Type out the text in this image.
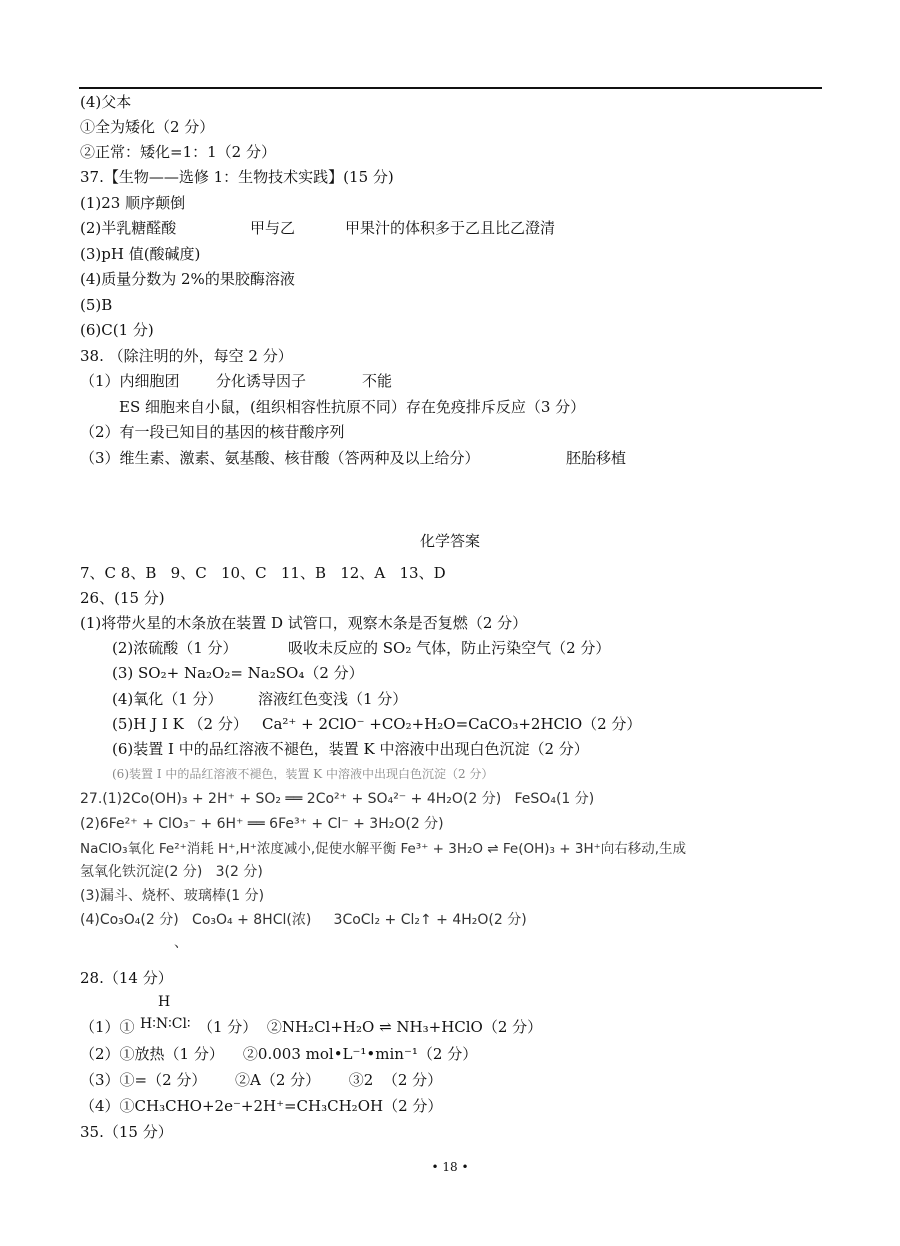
(4)父本
①全为矮化（2 分）
②正常：矮化=1：1（2 分）
37.【生物——选修 1：生物技术实践】(15 分)
(1)23 顺序颠倒
(2)半乳糖醛酸	甲与乙	甲果汁的体积多于乙且比乙澄清
(3)pH 值(酸碱度)
(4)质量分数为 2%的果胶酶溶液
(5)B
(6)C(1 分)
38. （除注明的外，每空 2 分）
（1）内细胞团 分化诱导因子	不能
ES 细胞来自小鼠，(组织相容性抗原不同）存在免疫排斥反应（3 分）
（2）有一段已知目的基因的核苷酸序列
（3）维生素、激素、氨基酸、核苷酸（答两种及以上给分）	胚胎移植
化学答案
7、C 8、B   9、C   10、C   11、B   12、A   13、D
26、(15 分)
(1)将带火星的木条放在装置 D 试管口，观察木条是否复燃（2 分）
(2)浓硫酸（1 分）	吸收未反应的 SO₂ 气体，防止污染空气（2 分）
(3) SO₂+ Na₂O₂= Na₂SO₄（2 分）
(4)氧化（1 分） 溶液红色变浅（1 分）
(5)H J I K （2 分） Ca²⁺ + 2ClO⁻ +CO₂+H₂O=CaCO₃+2HClO（2 分）
(6)装置 I 中的品红溶液不褪色，装置 K 中溶液中出现白色沉淀（2 分）
(6)装置 I 中的品红溶液不褪色，装置 K 中溶液中出现白色沉淀（2 分）
27.(1)2Co(OH)₃ + 2H⁺ + SO₂ ══ 2Co²⁺ + SO₄²⁻ + 4H₂O(2 分)   FeSO₄(1 分)
(2)6Fe²⁺ + ClO₃⁻ + 6H⁺ ══ 6Fe³⁺ + Cl⁻ + 3H₂O(2 分)
NaClO₃氧化 Fe²⁺消耗 H⁺,H⁺浓度减小,促使水解平衡 Fe³⁺ + 3H₂O ⇌ Fe(OH)₃ + 3H⁺向右移动,生成
氢氧化铁沉淀(2 分)   3(2 分)
(3)漏斗、烧杯、玻璃棒(1 分)
(4)Co₃O₄(2 分)   Co₃O₄ + 8HCl(浓)     3CoCl₂ + Cl₂↑ + 4H₂O(2 分)
、
28.（14 分）
H
（1）① H∶N∶Cl∶ （1 分）  ②NH₂Cl+H₂O ⇌ NH₃+HClO（2 分）
（2）①放热（1 分）    ②0.003 mol•L⁻¹•min⁻¹（2 分）
（3）①=（2 分）      ②A（2 分）      ③2  （2 分）
（4）①CH₃CHO+2e⁻+2H⁺=CH₃CH₂OH（2 分）
35.（15 分）
• 18 •
